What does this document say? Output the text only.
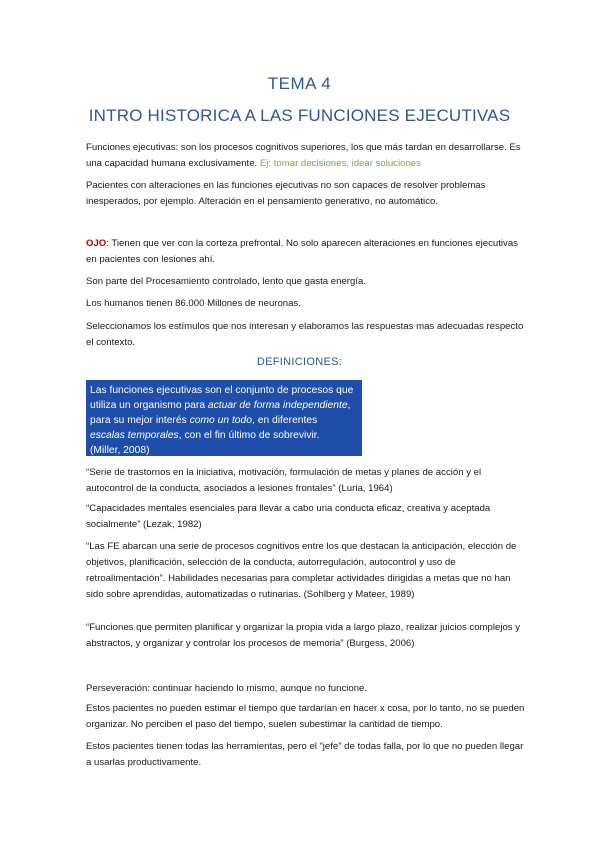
TEMA 4
INTRO HISTORICA A LAS FUNCIONES EJECUTIVAS

Funciones ejecutivas: son los procesos cognitivos superiores, los que más tardan en desarrollarse. Es una capacidad humana exclusivamente. Ej: tomar decisiones, idear soluciones

Pacientes con alteraciones en las funciones ejecutivas no son capaces de resolver problemas inesperados, por ejemplo. Alteración en el pensamiento generativo, no automático.

OJO: Tienen que ver con la corteza prefrontal. No solo aparecen alteraciones en funciones ejecutivas en pacientes con lesiones ahí.

Son parte del Procesamiento controlado, lento que gasta energía.

Los humanos tienen 86.000 Millones de neuronas.

Seleccionamos los estímulos que nos interesan y elaboramos las respuestas mas adecuadas respecto el contexto.

DEFINICIONES:
Las funciones ejecutivas son el conjunto de procesos que
utiliza un organismo para actuar de forma independiente,
para su mejor interés como un todo, en diferentes
escalas temporales, con el fin último de sobrevivir.
(Miller, 2008)

“Serie de trastornos en la iniciativa, motivación, formulación de metas y planes de acción y el autocontrol de la conducta, asociados a lesiones frontales” (Luria, 1964)

“Capacidades mentales esenciales para llevar a cabo una conducta eficaz, creativa y aceptada socialmente” (Lezak, 1982)

“Las FE abarcan una serie de procesos cognitivos entre los que destacan la anticipación, elección de objetivos, planificación, selección de la conducta, autorregulación, autocontrol y uso de retroalimentación”. Habilidades necesarias para completar actividades dirigidas a metas que no han sido sobre aprendidas, automatizadas o rutinarias. (Sohlberg y Mateer, 1989)

“Funciones que permiten planificar y organizar la propia vida a largo plazo, realizar juicios complejos y abstractos, y organizar y controlar los procesos de memoria” (Burgess, 2006)

Perseveración: continuar haciendo lo mismo, aunque no funcione.

Estos pacientes no pueden estimar el tiempo que tardarían en hacer x cosa, por lo tanto, no se pueden organizar. No perciben el paso del tiempo, suelen subestimar la cantidad de tiempo.

Estos pacientes tienen todas las herramientas, pero el “jefe” de todas falla, por lo que no pueden llegar a usarlas productivamente.
